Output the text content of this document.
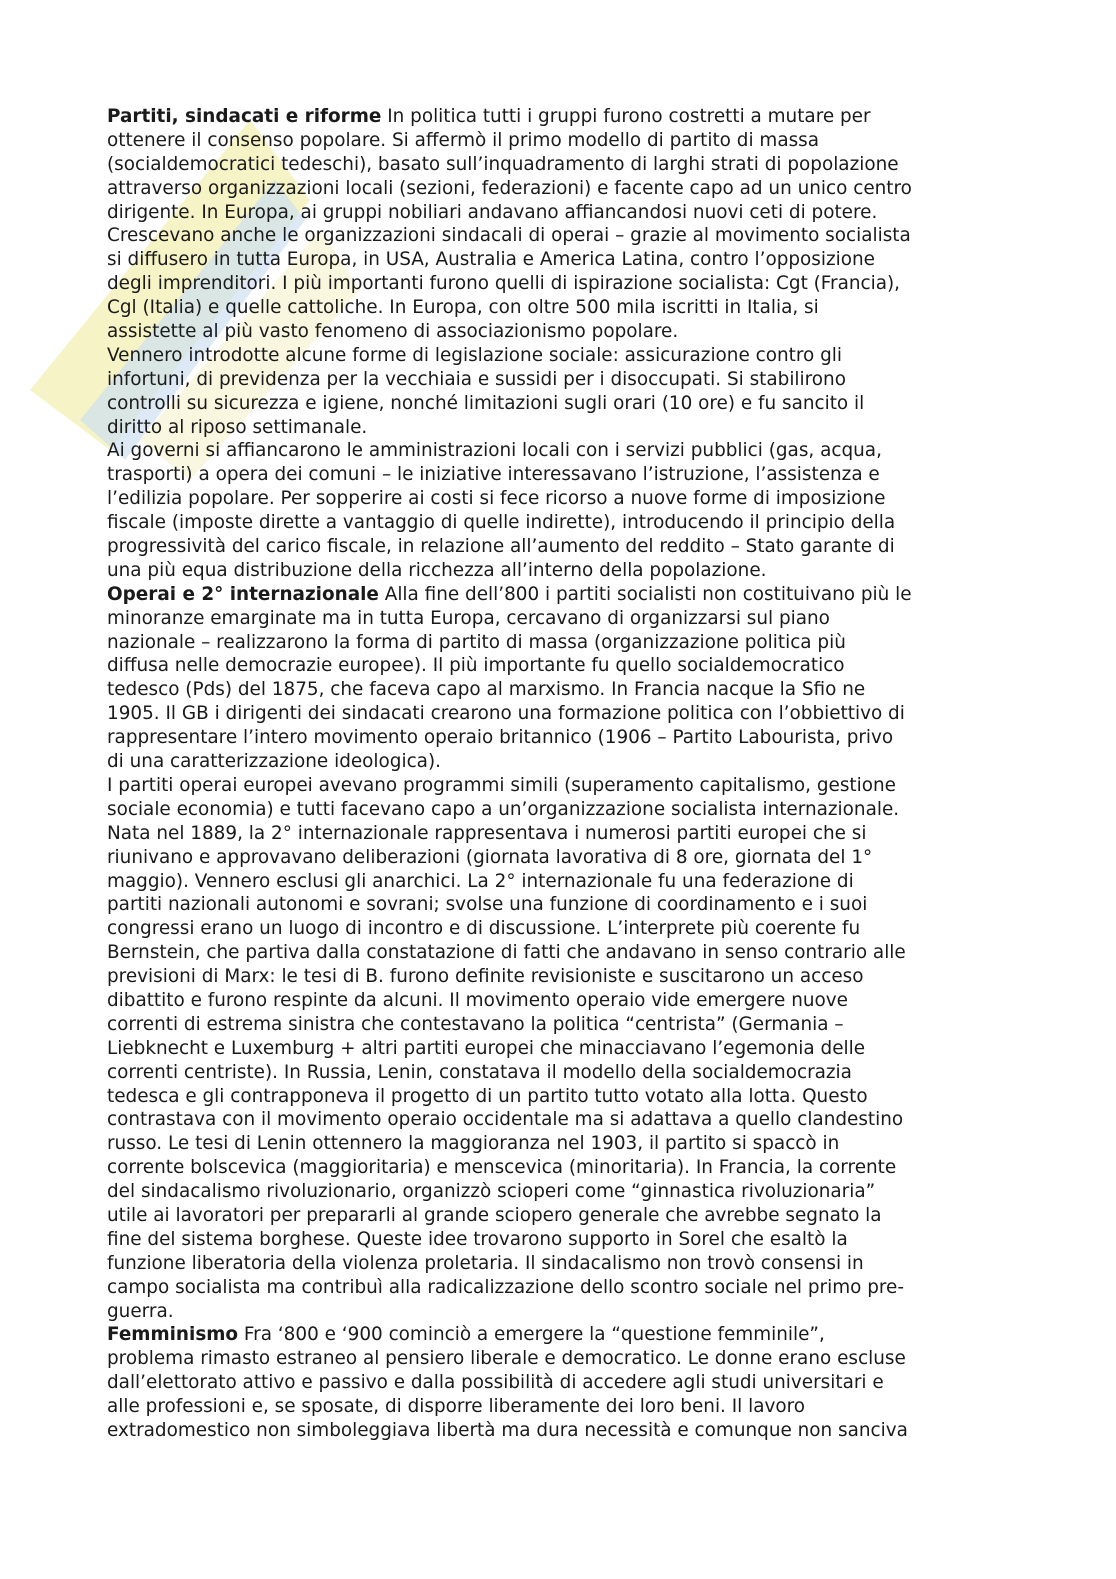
Partiti, sindacati e riforme In politica tutti i gruppi furono costretti a mutare per
ottenere il consenso popolare. Si affermò il primo modello di partito di massa
(socialdemocratici tedeschi), basato sull’inquadramento di larghi strati di popolazione
attraverso organizzazioni locali (sezioni, federazioni) e facente capo ad un unico centro
dirigente. In Europa, ai gruppi nobiliari andavano affiancandosi nuovi ceti di potere.
Crescevano anche le organizzazioni sindacali di operai – grazie al movimento socialista
si diffusero in tutta Europa, in USA, Australia e America Latina, contro l’opposizione
degli imprenditori. I più importanti furono quelli di ispirazione socialista: Cgt (Francia),
Cgl (Italia) e quelle cattoliche. In Europa, con oltre 500 mila iscritti in Italia, si
assistette al più vasto fenomeno di associazionismo popolare.
Vennero introdotte alcune forme di legislazione sociale: assicurazione contro gli
infortuni, di previdenza per la vecchiaia e sussidi per i disoccupati. Si stabilirono
controlli su sicurezza e igiene, nonché limitazioni sugli orari (10 ore) e fu sancito il
diritto al riposo settimanale.
Ai governi si affiancarono le amministrazioni locali con i servizi pubblici (gas, acqua,
trasporti) a opera dei comuni – le iniziative interessavano l’istruzione, l’assistenza e
l’edilizia popolare. Per sopperire ai costi si fece ricorso a nuove forme di imposizione
fiscale (imposte dirette a vantaggio di quelle indirette), introducendo il principio della
progressività del carico fiscale, in relazione all’aumento del reddito – Stato garante di
una più equa distribuzione della ricchezza all’interno della popolazione.
Operai e 2° internazionale Alla fine dell’800 i partiti socialisti non costituivano più le
minoranze emarginate ma in tutta Europa, cercavano di organizzarsi sul piano
nazionale – realizzarono la forma di partito di massa (organizzazione politica più
diffusa nelle democrazie europee). Il più importante fu quello socialdemocratico
tedesco (Pds) del 1875, che faceva capo al marxismo. In Francia nacque la Sfio ne
1905. Il GB i dirigenti dei sindacati crearono una formazione politica con l’obbiettivo di
rappresentare l’intero movimento operaio britannico (1906 – Partito Labourista, privo
di una caratterizzazione ideologica).
I partiti operai europei avevano programmi simili (superamento capitalismo, gestione
sociale economia) e tutti facevano capo a un’organizzazione socialista internazionale.
Nata nel 1889, la 2° internazionale rappresentava i numerosi partiti europei che si
riunivano e approvavano deliberazioni (giornata lavorativa di 8 ore, giornata del 1°
maggio). Vennero esclusi gli anarchici. La 2° internazionale fu una federazione di
partiti nazionali autonomi e sovrani; svolse una funzione di coordinamento e i suoi
congressi erano un luogo di incontro e di discussione. L’interprete più coerente fu
Bernstein, che partiva dalla constatazione di fatti che andavano in senso contrario alle
previsioni di Marx: le tesi di B. furono definite revisioniste e suscitarono un acceso
dibattito e furono respinte da alcuni. Il movimento operaio vide emergere nuove
correnti di estrema sinistra che contestavano la politica “centrista” (Germania –
Liebknecht e Luxemburg + altri partiti europei che minacciavano l’egemonia delle
correnti centriste). In Russia, Lenin, constatava il modello della socialdemocrazia
tedesca e gli contrapponeva il progetto di un partito tutto votato alla lotta. Questo
contrastava con il movimento operaio occidentale ma si adattava a quello clandestino
russo. Le tesi di Lenin ottennero la maggioranza nel 1903, il partito si spaccò in
corrente bolscevica (maggioritaria) e menscevica (minoritaria). In Francia, la corrente
del sindacalismo rivoluzionario, organizzò scioperi come “ginnastica rivoluzionaria”
utile ai lavoratori per prepararli al grande sciopero generale che avrebbe segnato la
fine del sistema borghese. Queste idee trovarono supporto in Sorel che esaltò la
funzione liberatoria della violenza proletaria. Il sindacalismo non trovò consensi in
campo socialista ma contribuì alla radicalizzazione dello scontro sociale nel primo pre-
guerra.
Femminismo Fra ‘800 e ‘900 cominciò a emergere la “questione femminile”,
problema rimasto estraneo al pensiero liberale e democratico. Le donne erano escluse
dall’elettorato attivo e passivo e dalla possibilità di accedere agli studi universitari e
alle professioni e, se sposate, di disporre liberamente dei loro beni. Il lavoro
extradomestico non simboleggiava libertà ma dura necessità e comunque non sanciva
